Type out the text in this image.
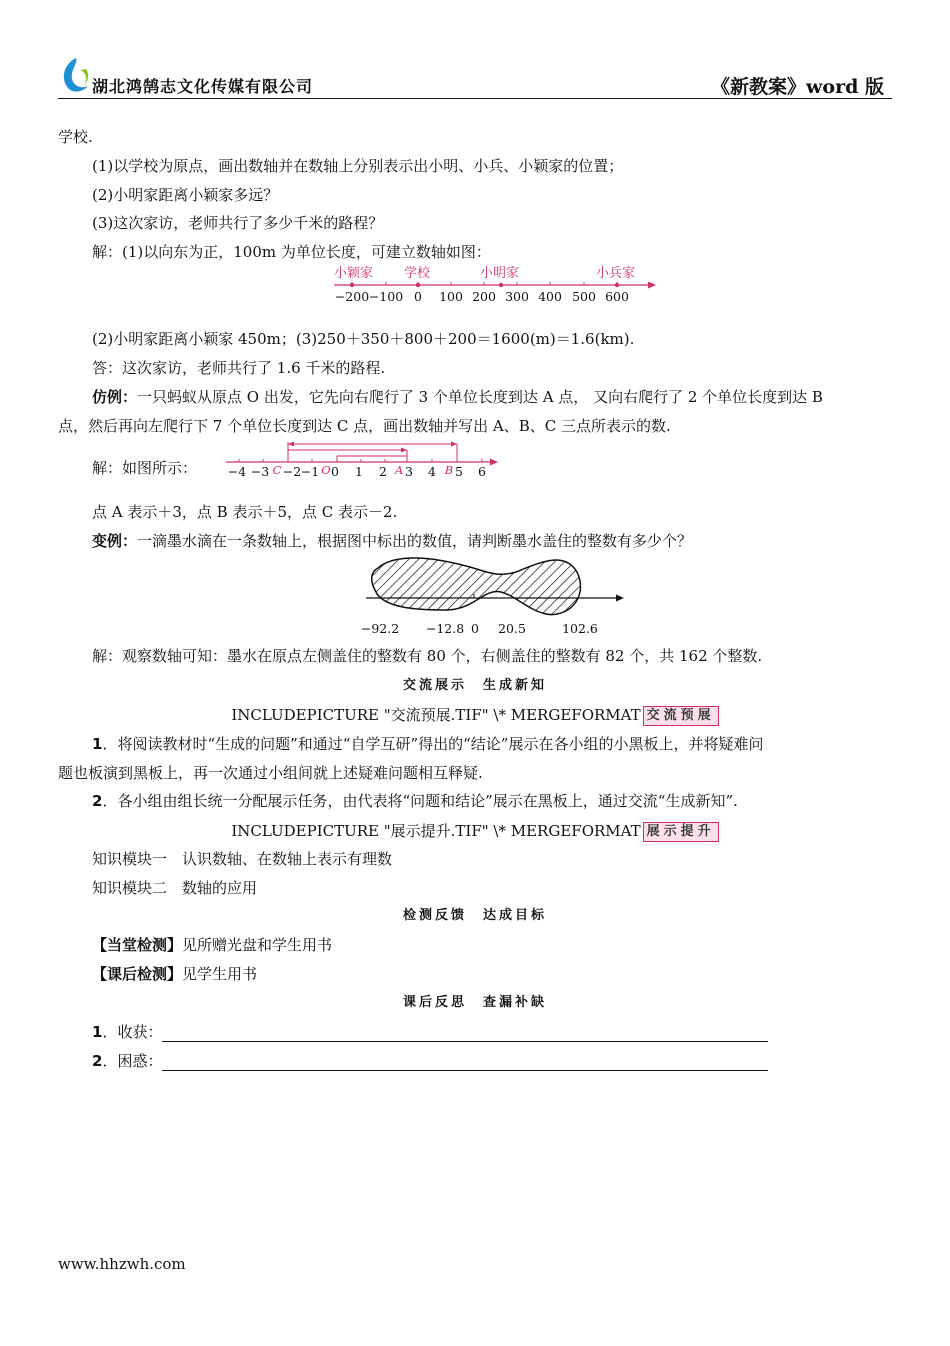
湖北鸿鹄志文化传媒有限公司	《新教案》word 版
学校.
(1)以学校为原点，画出数轴并在数轴上分别表示出小明、小兵、小颖家的位置；
(2)小明家距离小颖家多远？
(3)这次家访，老师共行了多少千米的路程？
解：(1)以向东为正，100m 为单位长度，可建立数轴如图：
小颖家 学校	小明家	小兵家
−200 −100 0 100 200 300 400 500 600
(2)小明家距离小颖家 450m；(3)250＋350＋800＋200＝1600(m)＝1.6(km).
答：这次家访，老师共行了 1.6 千米的路程.
仿例：一只蚂蚁从原点 O 出发，它先向右爬行了 3 个单位长度到达 A 点， 又向右爬行了 2 个单位长度到达 B
点，然后再向左爬行下 7 个单位长度到达 C 点，画出数轴并写出 A、B、C 三点所表示的数.
解：如图所示： −4 −3 −2 −1 0 1 2 3 4 5 6
C	O	A	B
点 A 表示＋3，点 B 表示＋5，点 C 表示－2.
变例：一滴墨水滴在一条数轴上，根据图中标出的数值，请判断墨水盖住的整数有多少个？
−92.2 −12.8 0 20.5	102.6
解：观察数轴可知：墨水在原点左侧盖住的整数有 80 个，右侧盖住的整数有 82 个，共 162 个整数.
交流展示　生成新知
INCLUDEPICTURE "交流预展.TIF" \* MERGEFORMAT 交流预展
1．将阅读教材时“生成的问题”和通过“自学互研”得出的“结论”展示在各小组的小黑板上，并将疑难问
题也板演到黑板上，再一次通过小组间就上述疑难问题相互释疑.
2．各小组由组长统一分配展示任务，由代表将“问题和结论”展示在黑板上，通过交流“生成新知”.
INCLUDEPICTURE "展示提升.TIF" \* MERGEFORMAT 展示提升
知识模块一　认识数轴、在数轴上表示有理数
知识模块二　数轴的应用
检测反馈　达成目标
【当堂检测】见所赠光盘和学生用书
【课后检测】见学生用书
课后反思　查漏补缺
1．收获：
2．困惑：
www.hhzwh.com
